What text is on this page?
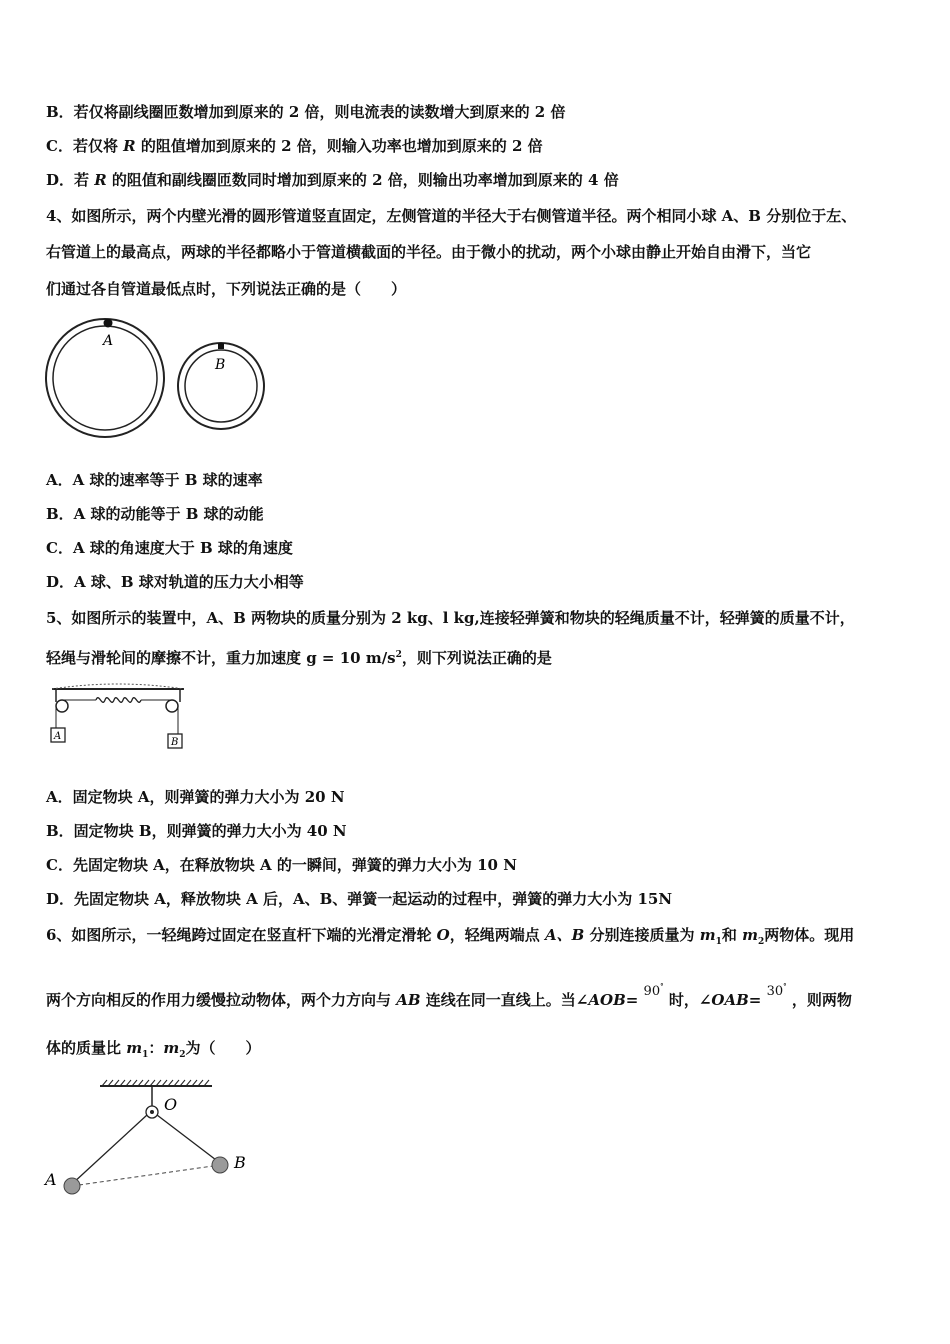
B．若仅将副线圈匝数增加到原来的 2 倍，则电流表的读数增大到原来的 2 倍
C．若仅将 R 的阻值增加到原来的 2 倍，则输入功率也增加到原来的 2 倍
D．若 R 的阻值和副线圈匝数同时增加到原来的 2 倍，则输出功率增加到原来的 4 倍
4、如图所示，两个内壁光滑的圆形管道竖直固定，左侧管道的半径大于右侧管道半径。两个相同小球 A、B 分别位于左、
右管道上的最高点，两球的半径都略小于管道横截面的半径。由于微小的扰动，两个小球由静止开始自由滑下，当它
们通过各自管道最低点时，下列说法正确的是（　　）
A
B
A．A 球的速率等于 B 球的速率
B．A 球的动能等于 B 球的动能
C．A 球的角速度大于 B 球的角速度
D．A 球、B 球对轨道的压力大小相等
5、如图所示的装置中，A、B 两物块的质量分别为 2 kg、l kg,连接轻弹簧和物块的轻绳质量不计，轻弹簧的质量不计，
轻绳与滑轮间的摩擦不计，重力加速度 g = 10 $m/s^2$，则下列说法正确的是
A
B
A．固定物块 A，则弹簧的弹力大小为 20 N
B．固定物块 B，则弹簧的弹力大小为 40 N
C．先固定物块 A，在释放物块 A 的一瞬间，弹簧的弹力大小为 10 N
D．先固定物块 A，释放物块 A 后，A、B、弹簧一起运动的过程中，弹簧的弹力大小为 15N
6、如图所示，一轻绳跨过固定在竖直杆下端的光滑定滑轮 O，轻绳两端点 A、B 分别连接质量为 $m_1$和 $m_2$两物体。现用
两个方向相反的作用力缓慢拉动物体，两个力方向与 AB 连线在同一直线上。当∠AOB= $^{90^\circ}$ 时，∠OAB= $^{30^\circ}$ ，则两物
体的质量比 $m_1$：$m_2$为（　　）
O
A
B
